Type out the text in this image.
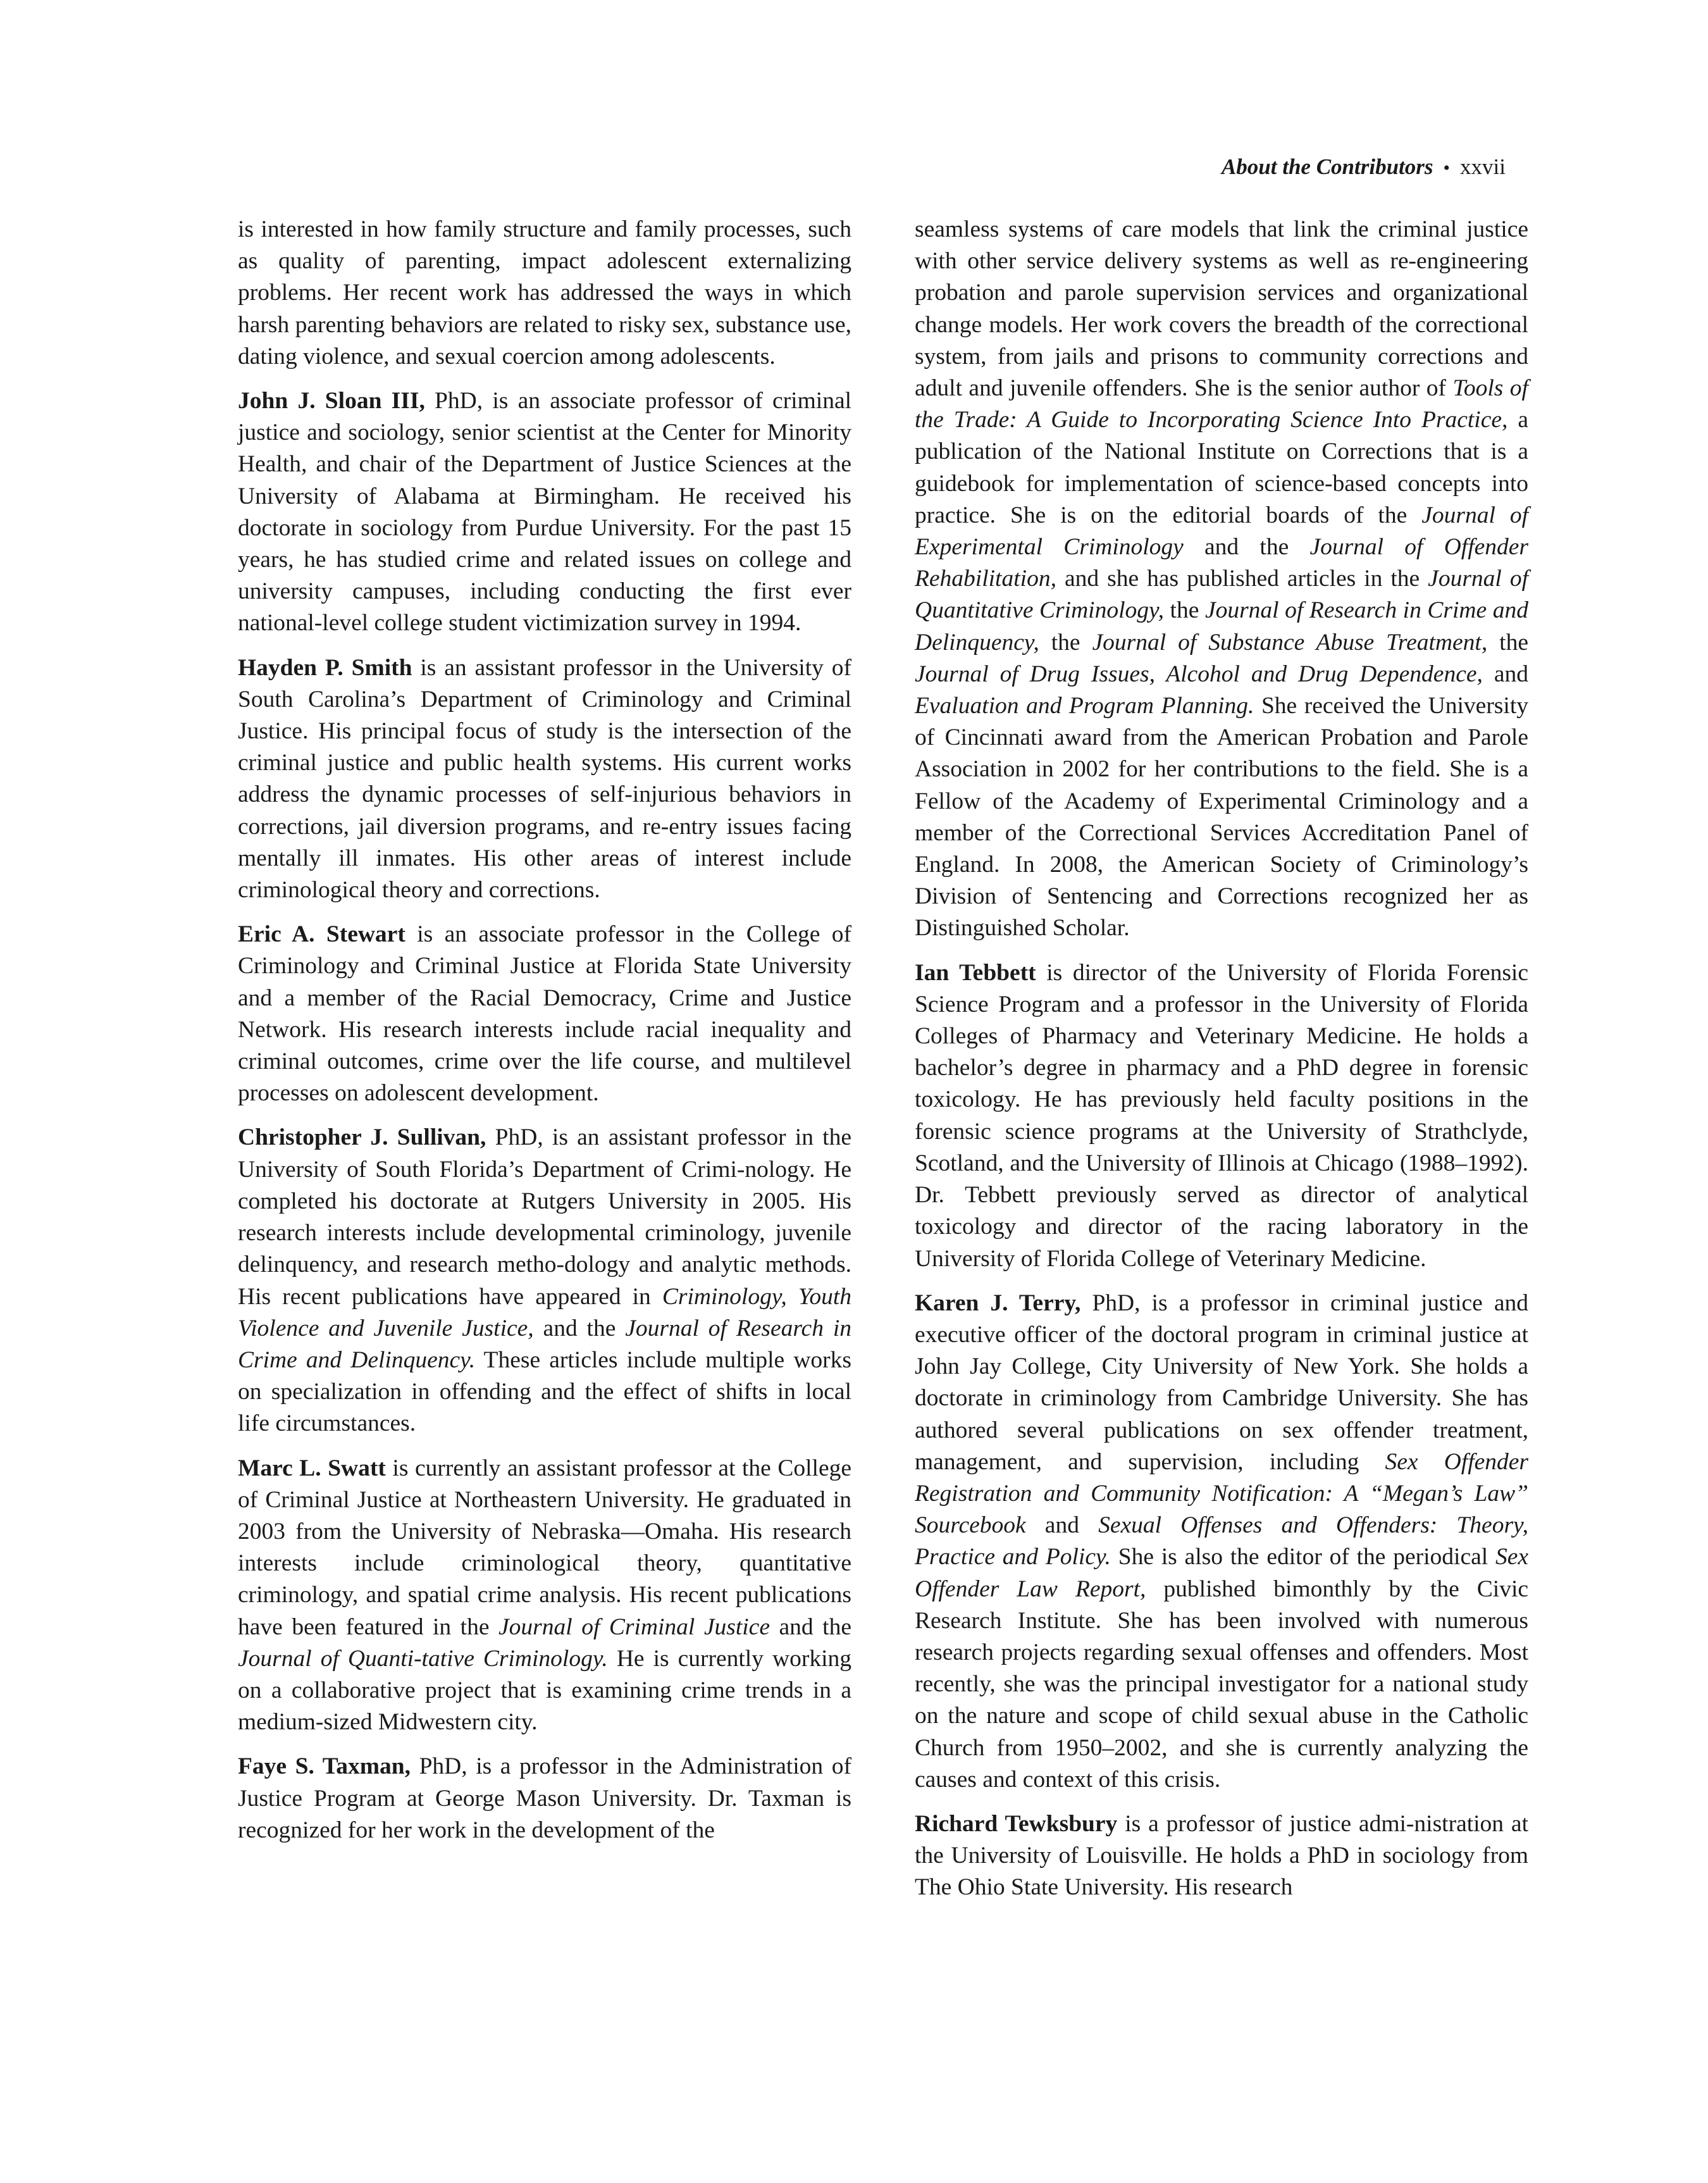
About the Contributors • xxvii

is interested in how family structure and family processes, such as quality of parenting, impact adolescent externalizing problems. Her recent work has addressed the ways in which harsh parenting behaviors are related to risky sex, substance use, dating violence, and sexual coercion among adolescents.

John J. Sloan III, PhD, is an associate professor of criminal justice and sociology, senior scientist at the Center for Minority Health, and chair of the Department of Justice Sciences at the University of Alabama at Birmingham. He received his doctorate in sociology from Purdue University. For the past 15 years, he has studied crime and related issues on college and university campuses, including conducting the first ever national-level college student victimization survey in 1994.

Hayden P. Smith is an assistant professor in the University of South Carolina’s Department of Criminology and Criminal Justice. His principal focus of study is the intersection of the criminal justice and public health systems. His current works address the dynamic processes of self-injurious behaviors in corrections, jail diversion programs, and re-entry issues facing mentally ill inmates. His other areas of interest include criminological theory and corrections.

Eric A. Stewart is an associate professor in the College of Criminology and Criminal Justice at Florida State University and a member of the Racial Democracy, Crime and Justice Network. His research interests include racial inequality and criminal outcomes, crime over the life course, and multilevel processes on adolescent development.

Christopher J. Sullivan, PhD, is an assistant professor in the University of South Florida’s Department of Crimi-nology. He completed his doctorate at Rutgers University in 2005. His research interests include developmental criminology, juvenile delinquency, and research metho-dology and analytic methods. His recent publications have appeared in Criminology, Youth Violence and Juvenile Justice, and the Journal of Research in Crime and Delinquency. These articles include multiple works on specialization in offending and the effect of shifts in local life circumstances.

Marc L. Swatt is currently an assistant professor at the College of Criminal Justice at Northeastern University. He graduated in 2003 from the University of Nebraska—Omaha. His research interests include criminological theory, quantitative criminology, and spatial crime analysis. His recent publications have been featured in the Journal of Criminal Justice and the Journal of Quanti-tative Criminology. He is currently working on a collaborative project that is examining crime trends in a medium-sized Midwestern city.

Faye S. Taxman, PhD, is a professor in the Administration of Justice Program at George Mason University. Dr. Taxman is recognized for her work in the development of the

seamless systems of care models that link the criminal justice with other service delivery systems as well as re-engineering probation and parole supervision services and organizational change models. Her work covers the breadth of the correctional system, from jails and prisons to community corrections and adult and juvenile offenders. She is the senior author of Tools of the Trade: A Guide to Incorporating Science Into Practice, a publication of the National Institute on Corrections that is a guidebook for implementation of science-based concepts into practice. She is on the editorial boards of the Journal of Experimental Criminology and the Journal of Offender Rehabilitation, and she has published articles in the Journal of Quantitative Criminology, the Journal of Research in Crime and Delinquency, the Journal of Substance Abuse Treatment, the Journal of Drug Issues, Alcohol and Drug Dependence, and Evaluation and Program Planning. She received the University of Cincinnati award from the American Probation and Parole Association in 2002 for her contributions to the field. She is a Fellow of the Academy of Experimental Criminology and a member of the Correctional Services Accreditation Panel of England. In 2008, the American Society of Criminology’s Division of Sentencing and Corrections recognized her as Distinguished Scholar.

Ian Tebbett is director of the University of Florida Forensic Science Program and a professor in the University of Florida Colleges of Pharmacy and Veterinary Medicine. He holds a bachelor’s degree in pharmacy and a PhD degree in forensic toxicology. He has previously held faculty positions in the forensic science programs at the University of Strathclyde, Scotland, and the University of Illinois at Chicago (1988–1992). Dr. Tebbett previously served as director of analytical toxicology and director of the racing laboratory in the University of Florida College of Veterinary Medicine.

Karen J. Terry, PhD, is a professor in criminal justice and executive officer of the doctoral program in criminal justice at John Jay College, City University of New York. She holds a doctorate in criminology from Cambridge University. She has authored several publications on sex offender treatment, management, and supervision, including Sex Offender Registration and Community Notification: A “Megan’s Law” Sourcebook and Sexual Offenses and Offenders: Theory, Practice and Policy. She is also the editor of the periodical Sex Offender Law Report, published bimonthly by the Civic Research Institute. She has been involved with numerous research projects regarding sexual offenses and offenders. Most recently, she was the principal investigator for a national study on the nature and scope of child sexual abuse in the Catholic Church from 1950–2002, and she is currently analyzing the causes and context of this crisis.

Richard Tewksbury is a professor of justice admi-nistration at the University of Louisville. He holds a PhD in sociology from The Ohio State University. His research
